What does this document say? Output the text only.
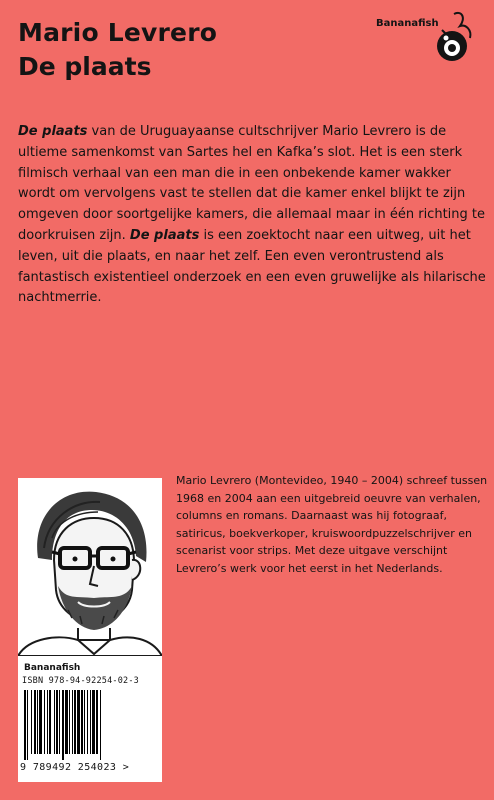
Mario Levrero
De plaats
Bananafish

De plaats van de Uruguayaanse cultschrijver Mario Levrero is de ultieme samenkomst van Sartes hel en Kafka’s slot. Het is een sterk filmisch verhaal van een man die in een onbekende kamer wakker wordt om vervolgens vast te stellen dat die kamer enkel blijkt te zijn omgeven door soortgelijke kamers, die allemaal maar in één richting te doorkruisen zijn. De plaats is een zoektocht naar een uitweg, uit het leven, uit die plaats, en naar het zelf. Een even verontrustend als fantastisch existentieel onderzoek en een even gruwelijke als hilarische nachtmerrie.

Mario Levrero (Montevideo, 1940 – 2004) schreef tussen 1968 en 2004 aan een uitgebreid oeuvre van verhalen, columns en romans. Daarnaast was hij fotograaf, satiricus, boekverkoper, kruiswoordpuzzelschrijver en scenarist voor strips. Met deze uitgave verschijnt Levrero’s werk voor het eerst in het Nederlands.

Bananafish
ISBN 978-94-92254-02-3
9 789492 254023 >
